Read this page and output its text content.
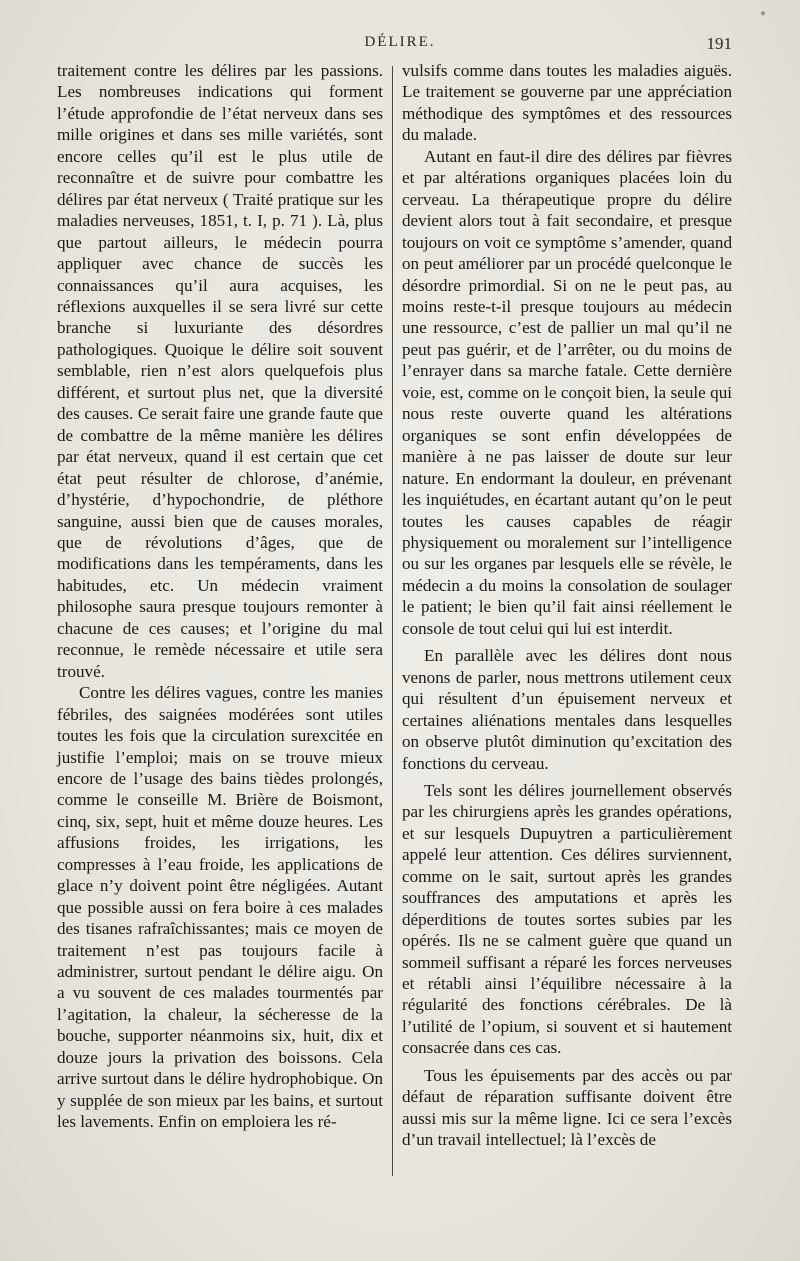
DÉLIRE.	191

traitement contre les délires par les passions. Les nombreuses indications qui forment l’étude approfondie de l’état nerveux dans ses mille origines et dans ses mille variétés, sont encore celles qu’il est le plus utile de reconnaître et de suivre pour combattre les délires par état nerveux ( Traité pratique sur les maladies nerveuses, 1851, t. I, p. 71 ). Là, plus que partout ailleurs, le médecin pourra appliquer avec chance de succès les connaissances qu’il aura acquises, les réflexions auxquelles il se sera livré sur cette branche si luxuriante des désordres pathologiques. Quoique le délire soit souvent semblable, rien n’est alors quelquefois plus différent, et surtout plus net, que la diversité des causes. Ce serait faire une grande faute que de combattre de la même manière les délires par état nerveux, quand il est certain que cet état peut résulter de chlorose, d’anémie, d’hystérie, d’hypochondrie, de pléthore sanguine, aussi bien que de causes morales, que de révolutions d’âges, que de modifications dans les tempéraments, dans les habitudes, etc. Un médecin vraiment philosophe saura presque toujours remonter à chacune de ces causes; et l’origine du mal reconnue, le remède nécessaire et utile sera trouvé.

Contre les délires vagues, contre les manies fébriles, des saignées modérées sont utiles toutes les fois que la circulation surexcitée en justifie l’emploi; mais on se trouve mieux encore de l’usage des bains tièdes prolongés, comme le conseille M. Brière de Boismont, cinq, six, sept, huit et même douze heures. Les affusions froides, les irrigations, les compresses à l’eau froide, les applications de glace n’y doivent point être négligées. Autant que possible aussi on fera boire à ces malades des tisanes rafraîchissantes; mais ce moyen de traitement n’est pas toujours facile à administrer, surtout pendant le délire aigu. On a vu souvent de ces malades tourmentés par l’agitation, la chaleur, la sécheresse de la bouche, supporter néanmoins six, huit, dix et douze jours la privation des boissons. Cela arrive surtout dans le délire hydrophobique. On y supplée de son mieux par les bains, et surtout les lavements. Enfin on emploiera les ré-

vulsifs comme dans toutes les maladies aiguës. Le traitement se gouverne par une appréciation méthodique des symptômes et des ressources du malade.

Autant en faut-il dire des délires par fièvres et par altérations organiques placées loin du cerveau. La thérapeutique propre du délire devient alors tout à fait secondaire, et presque toujours on voit ce symptôme s’amender, quand on peut améliorer par un procédé quelconque le désordre primordial. Si on ne le peut pas, au moins reste-t-il presque toujours au médecin une ressource, c’est de pallier un mal qu’il ne peut pas guérir, et de l’arrêter, ou du moins de l’enrayer dans sa marche fatale. Cette dernière voie, est, comme on le conçoit bien, la seule qui nous reste ouverte quand les altérations organiques se sont enfin développées de manière à ne pas laisser de doute sur leur nature. En endormant la douleur, en prévenant les inquiétudes, en écartant autant qu’on le peut toutes les causes capables de réagir physiquement ou moralement sur l’intelligence ou sur les organes par lesquels elle se révèle, le médecin a du moins la consolation de soulager le patient; le bien qu’il fait ainsi réellement le console de tout celui qui lui est interdit.

En parallèle avec les délires dont nous venons de parler, nous mettrons utilement ceux qui résultent d’un épuisement nerveux et certaines aliénations mentales dans lesquelles on observe plutôt diminution qu’excitation des fonctions du cerveau.

Tels sont les délires journellement observés par les chirurgiens après les grandes opérations, et sur lesquels Dupuytren a particulièrement appelé leur attention. Ces délires surviennent, comme on le sait, surtout après les grandes souffrances des amputations et après les déperditions de toutes sortes subies par les opérés. Ils ne se calment guère que quand un sommeil suffisant a réparé les forces nerveuses et rétabli ainsi l’équilibre nécessaire à la régularité des fonctions cérébrales. De là l’utilité de l’opium, si souvent et si hautement consacrée dans ces cas.

Tous les épuisements par des accès ou par défaut de réparation suffisante doivent être aussi mis sur la même ligne. Ici ce sera l’excès d’un travail intellectuel; là l’excès de

●
